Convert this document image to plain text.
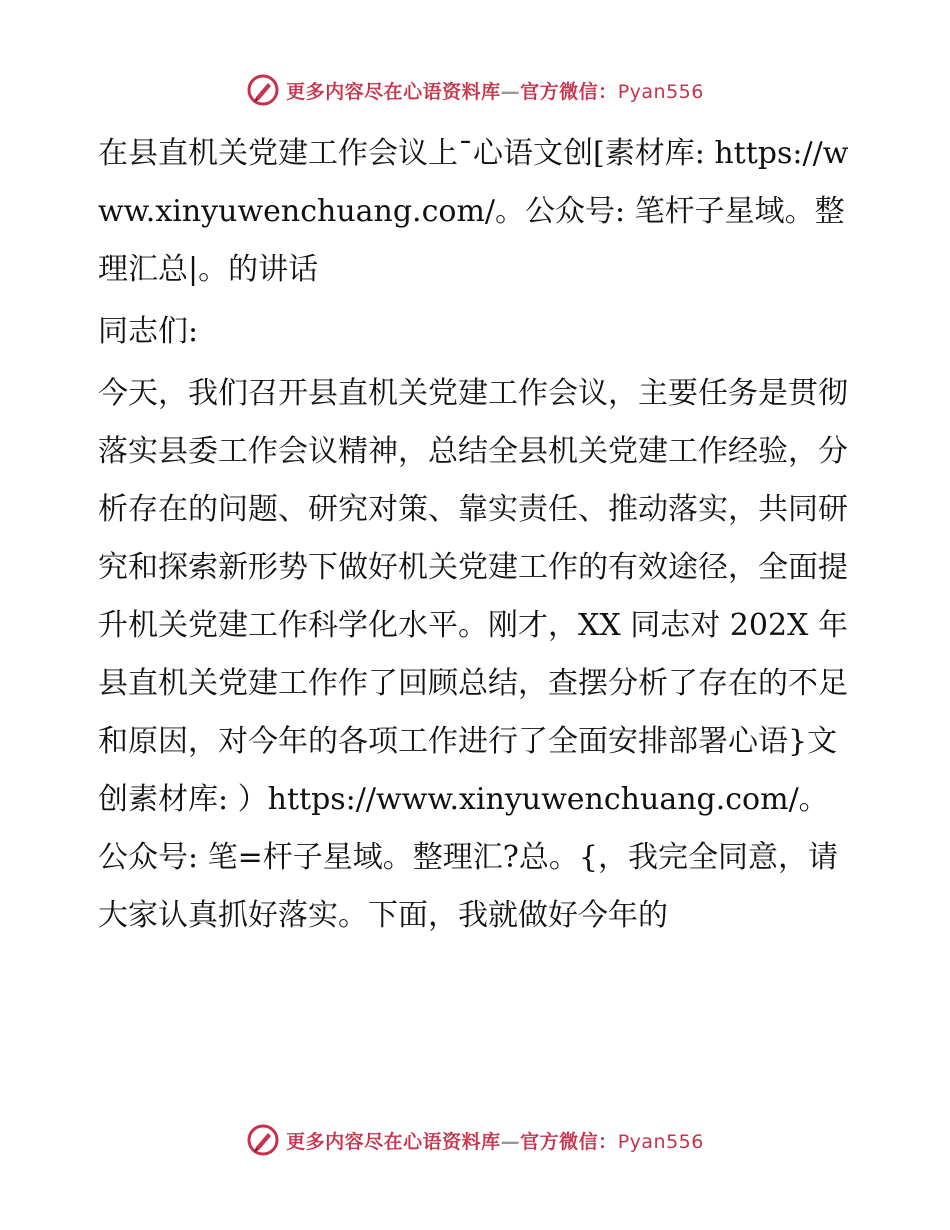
更多内容尽在心语资料库—官方微信：Pyan556

在县直机关党建工作会议上¯心语文创[素材库: https://www.xinyuwenchuang.com/。公众号: 笔杆子星域。整理汇总|。的讲话

同志们:

今天，我们召开县直机关党建工作会议，主要任务是贯彻落实县委工作会议精神，总结全县机关党建工作经验，分析存在的问题、研究对策、靠实责任、推动落实，共同研究和探索新形势下做好机关党建工作的有效途径，全面提升机关党建工作科学化水平。刚才，XX 同志对 202X 年县直机关党建工作作了回顾总结，查摆分析了存在的不足和原因，对今年的各项工作进行了全面安排部署心语}文创素材库: ）https://www.xinyuwenchuang.com/。公众号: 笔=杆子星域。整理汇?总。{，我完全同意，请大家认真抓好落实。下面，我就做好今年的

更多内容尽在心语资料库—官方微信：Pyan556
